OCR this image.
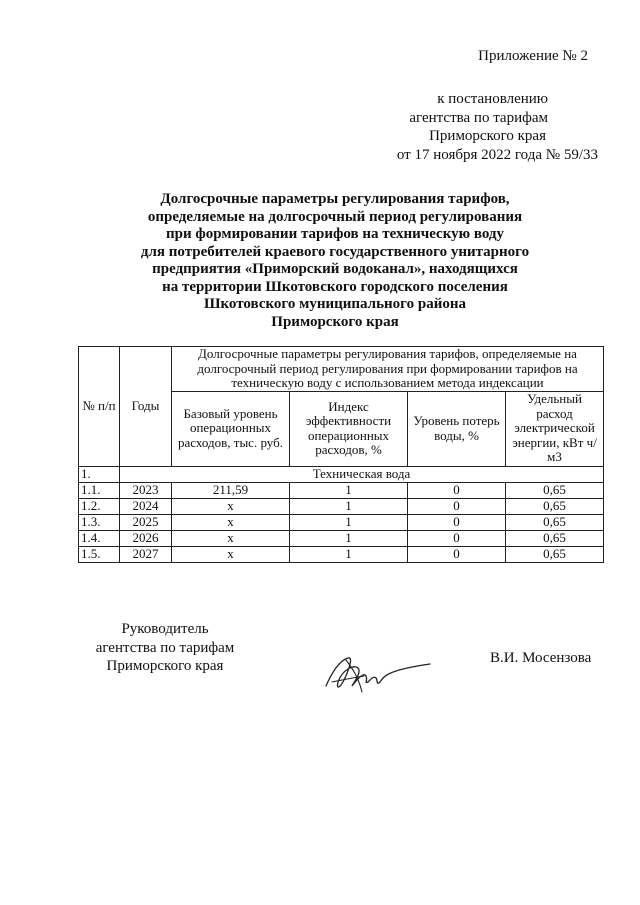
Приложение № 2
к постановлению
агентства по тарифам
Приморского края
от 17 ноября 2022 года № 59/33
Долгосрочные параметры регулирования тарифов,
определяемые на долгосрочный период регулирования
при формировании тарифов на техническую воду
для потребителей краевого государственного унитарного
предприятия «Приморский водоканал», находящихся
на территории Шкотовского городского поселения
Шкотовского муниципального района
Приморского края
№ п/п	Годы	Долгосрочные параметры регулирования тарифов, определяемые на долгосрочный период регулирования при формировании тарифов на техническую воду с использованием метода индексации			
		Базовый уровень операционных расходов, тыс. руб.	Индекс эффективности операционных расходов, %	Уровень потерь воды, %	Удельный расход электрической энергии, кВт ч/м3
1.	Техническая вода				
1.1.	2023	211,59	1	0	0,65
1.2.	2024	х	1	0	0,65
1.3.	2025	х	1	0	0,65
1.4.	2026	х	1	0	0,65
1.5.	2027	х	1	0	0,65
Руководитель
агентства по тарифам
Приморского края	В.И. Мосензова
